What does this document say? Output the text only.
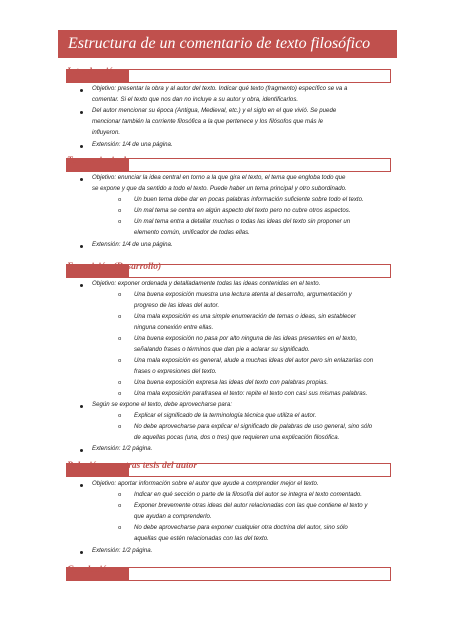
Estructura de un comentario de texto filosófico
Introducción
Objetivo: presentar la obra y al autor del texto. Indicar qué texto (fragmento) específico se va a
comentar. Si el texto que nos dan no incluye a su autor y obra, identificarlos.
Del autor mencionar su época (Antigua, Medieval, etc.) y el siglo en el que vivió. Se puede
mencionar también la corriente filosófica a la que pertenece y los filósofos que más le
influyeron.
Extensión: 1/4 de una página.
Tema principal
Objetivo: enunciar la idea central en torno a la que gira el texto, el tema que engloba todo que
se expone y que da sentido a todo el texto. Puede haber un tema principal y otro subordinado.
o Un buen tema debe dar en pocas palabras información suficiente sobre todo el texto.
o Un mal tema se centra en algún aspecto del texto pero no cubre otros aspectos.
o Un mal tema entra a detallar muchas o todas las ideas del texto sin proponer un
elemento común, unificador de todas ellas.
Extensión: 1/4 de una página.
Exposición (Desarrollo)
Objetivo: exponer ordenada y detalladamente todas las ideas contenidas en el texto.
o Una buena exposición muestra una lectura atenta al desarrollo, argumentación y
progreso de las ideas del autor.
o Una mala exposición es una simple enumeración de temas o ideas, sin establecer
ninguna conexión entre ellas.
o Una buena exposición no pasa por alto ninguna de las ideas presentes en el texto,
señalando frases o términos que dan pie a aclarar su significado.
o Una mala exposición es general, alude a muchas ideas del autor pero sin enlazarlas con
frases o expresiones del texto.
o Una buena exposición expresa las ideas del texto con palabras propias.
o Una mala exposición parafrasea el texto: repite el texto con casi sus mismas palabras.
Según se expone el texto, debe aprovecharse para:
o Explicar el significado de la terminología técnica que utiliza el autor.
o No debe aprovecharse para explicar el significado de palabras de uso general, sino sólo
de aquellas pocas (una, dos o tres) que requieren una explicación filosófica.
Extensión: 1/2 página.
Relación con otras tesis del autor
Objetivo: aportar información sobre el autor que ayude a comprender mejor el texto.
o Indicar en qué sección o parte de la filosofía del autor se integra el texto comentado.
o Exponer brevemente otras ideas del autor relacionadas con las que contiene el texto y
que ayudan a comprenderlo.
o No debe aprovecharse para exponer cualquier otra doctrina del autor, sino sólo
aquellas que estén relacionadas con las del texto.
Extensión: 1/2 página.
Conclusión
